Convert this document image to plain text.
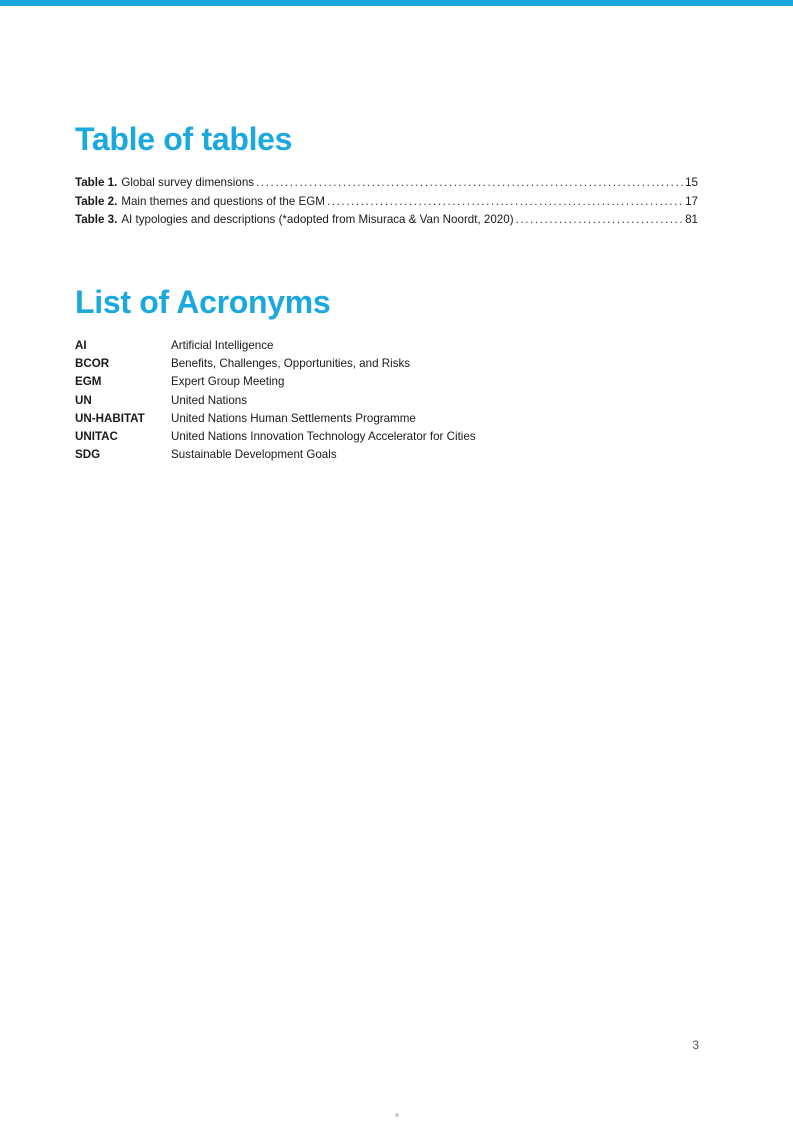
Table of tables
Table 1. Global survey dimensions .....	15
Table 2. Main themes and questions of the EGM .....	17
Table 3. AI typologies and descriptions (*adopted from Misuraca & Van Noordt, 2020) .....	81
List of Acronyms
AI	Artificial Intelligence
BCOR	Benefits, Challenges, Opportunities, and Risks
EGM	Expert Group Meeting
UN	United Nations
UN-HABITAT	United Nations Human Settlements Programme
UNITAC	United Nations Innovation Technology Accelerator for Cities
SDG	Sustainable Development Goals
3
